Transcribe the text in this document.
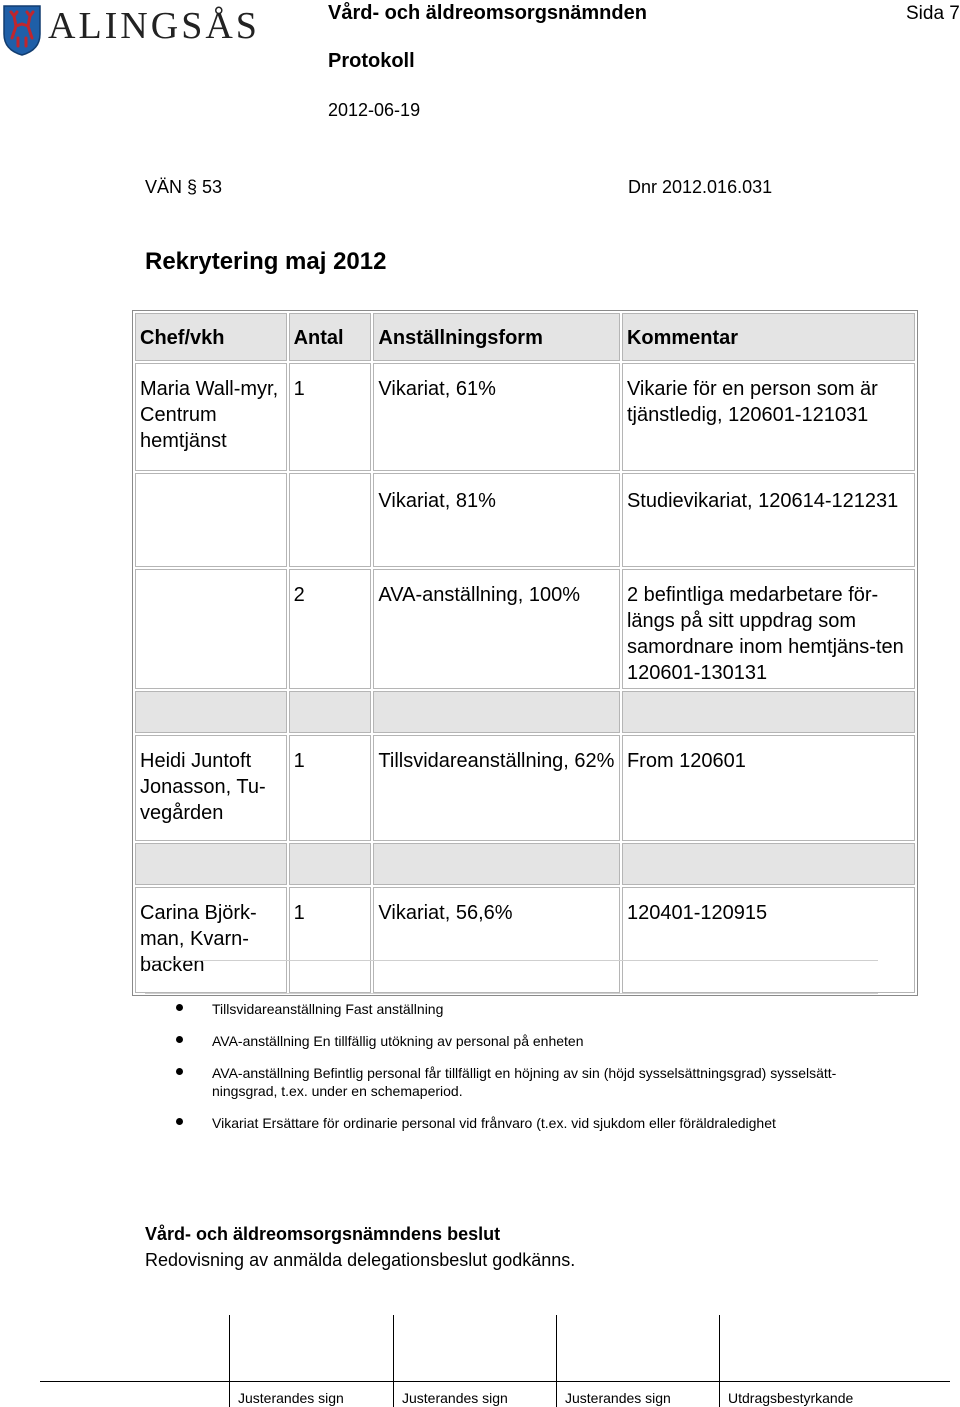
ALINGSÅS	Vård- och äldreomsorgsnämnden	Sida 7
Protokoll
2012-06-19
VÄN § 53	Dnr 2012.016.031
Rekrytering maj 2012
Chef/vkh	Antal	Anställningsform	Kommentar
Maria Wall-myr, Centrum hemtjänst	1	Vikariat, 61%	Vikarie för en person som är tjänstledig, 120601-121031
		Vikariat, 81%	Studievikariat, 120614-121231
	2	AVA-anställning, 100%	2 befintliga medarbetare för-längs på sitt uppdrag som samordnare inom hemtjäns-ten 120601-130131

Heidi Juntoft Jonasson, Tu-vegården	1	Tillsvidareanställning, 62%	From 120601

Carina Björk-man, Kvarn-backen	1	Vikariat, 56,6%	120401-120915
Tillsvidareanställning Fast anställning
AVA-anställning En tillfällig utökning av personal på enheten
AVA-anställning Befintlig personal får tillfälligt en höjning av sin (höjd sysselsättningsgrad) sysselsätt-ningsgrad, t.ex. under en schemaperiod.
Vikariat Ersättare för ordinarie personal vid frånvaro (t.ex. vid sjukdom eller föräldraledighet
Vård- och äldreomsorgsnämndens beslut
Redovisning av anmälda delegationsbeslut godkänns.
Justerandes sign	Justerandes sign	Justerandes sign	Utdragsbestyrkande
